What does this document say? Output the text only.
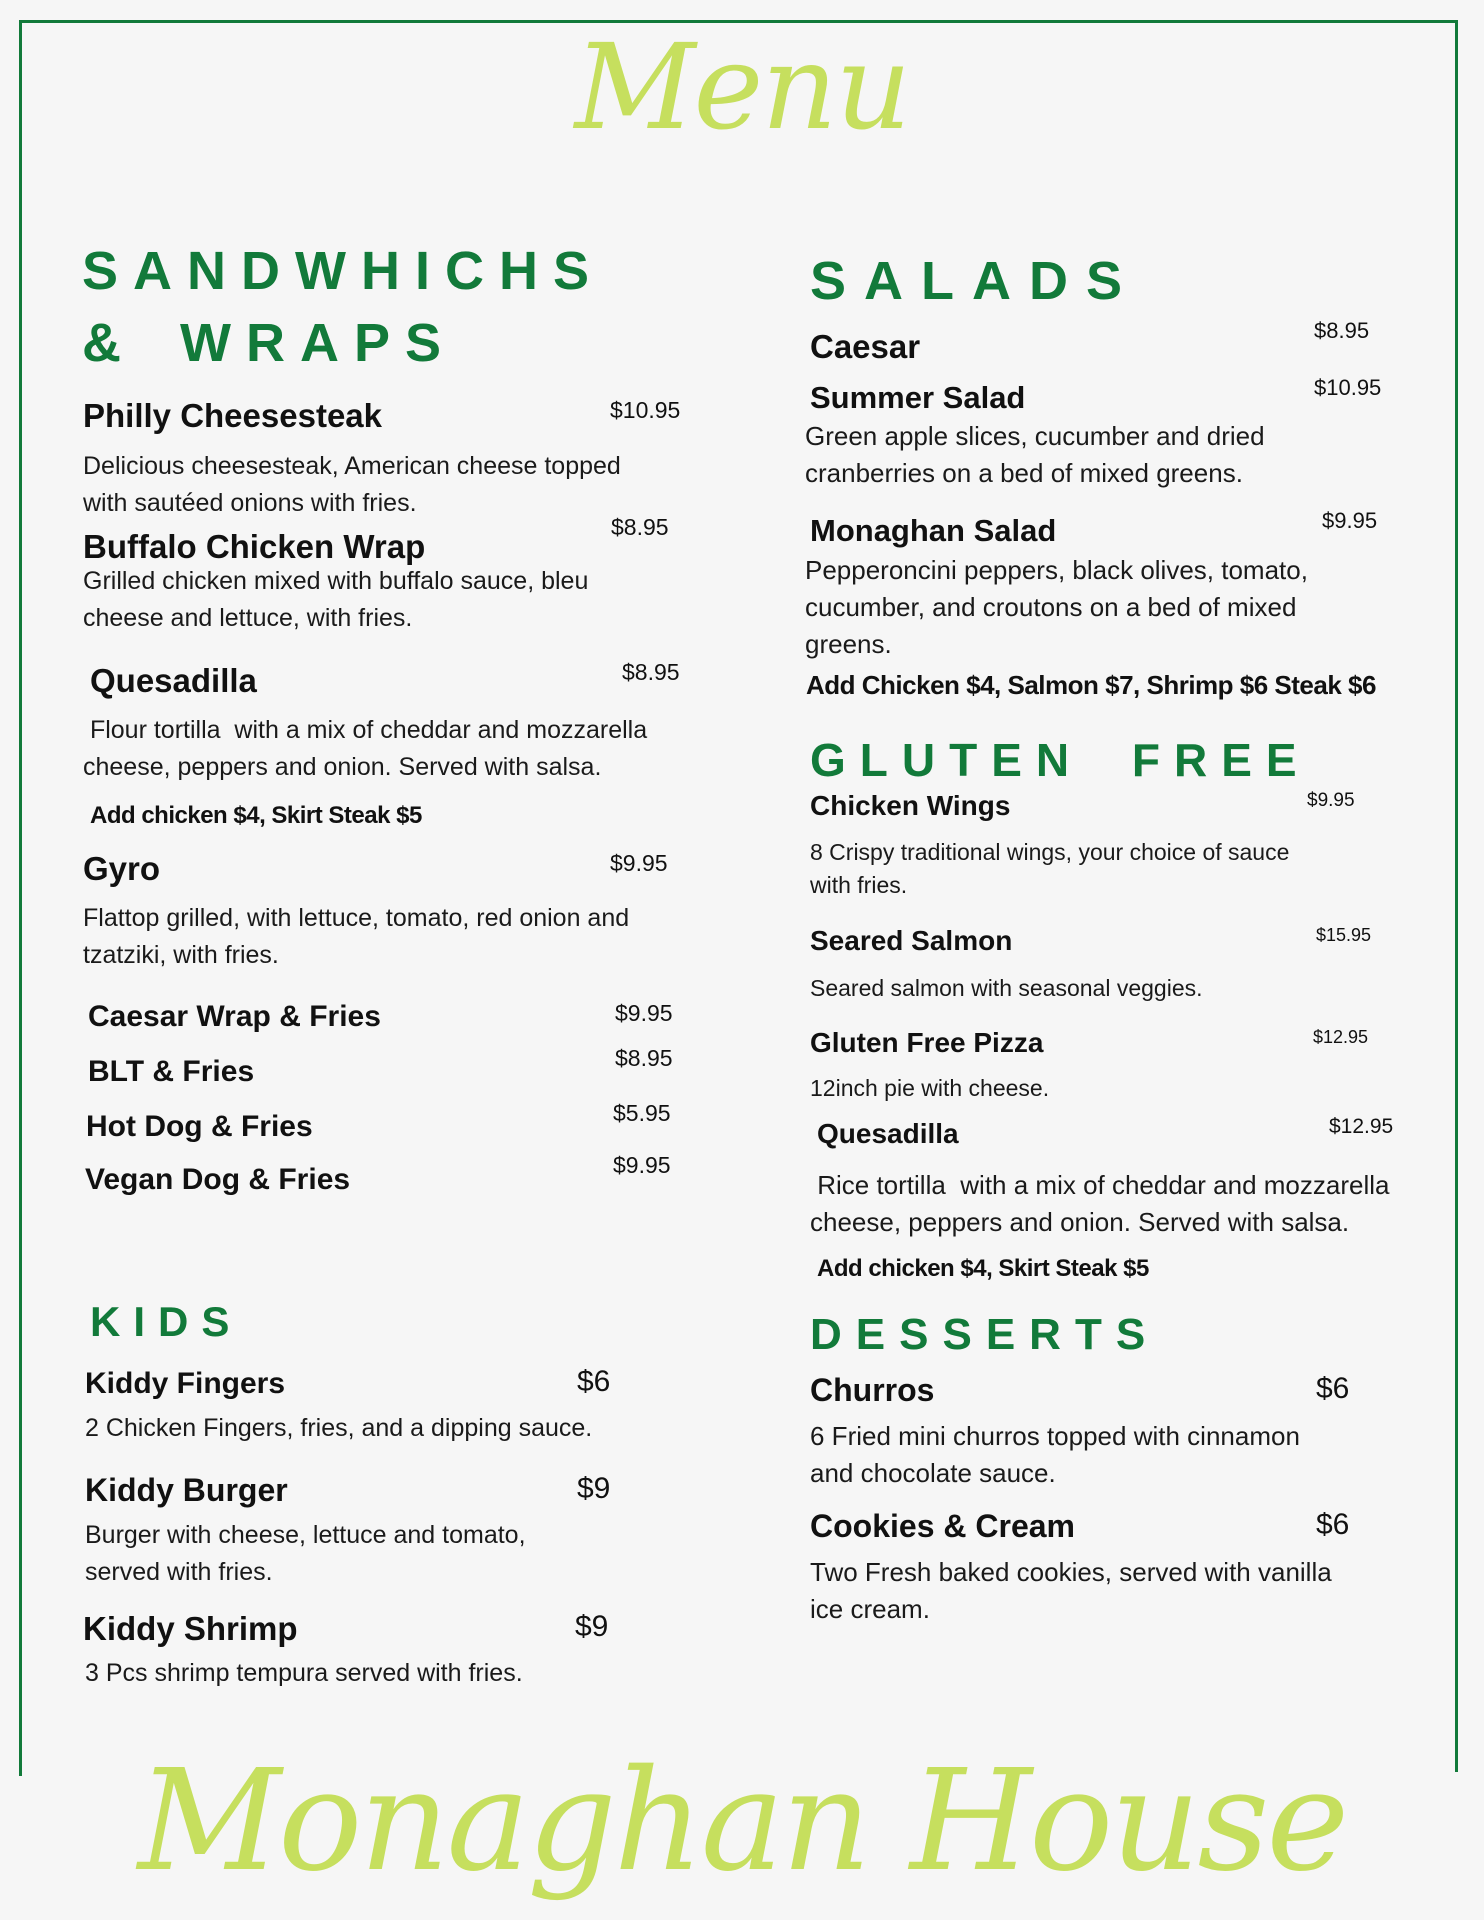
Menu
SANDWHICHS
& WRAPS
Philly Cheesesteak	$10.95
Delicious cheesesteak, American cheese topped
with sautéed onions with fries.
Buffalo Chicken Wrap
$8.95
Grilled chicken mixed with buffalo sauce, bleu
cheese and lettuce, with fries.
Quesadilla	$8.95
Flour tortilla  with a mix of cheddar and mozzarella
cheese, peppers and onion. Served with salsa.
Add chicken $4, Skirt Steak $5
Gyro	$9.95
Flattop grilled, with lettuce, tomato, red onion and
tzatziki, with fries.
Caesar Wrap & Fries	$9.95
BLT & Fries	$8.95
Hot Dog & Fries	$5.95
Vegan Dog & Fries	$9.95
KIDS
Kiddy Fingers	$6
2 Chicken Fingers, fries, and a dipping sauce.
Kiddy Burger	$9
Burger with cheese, lettuce and tomato,
served with fries.
Kiddy Shrimp	$9
3 Pcs shrimp tempura served with fries.
SALADS
Caesar	$8.95
Summer Salad	$10.95
Green apple slices, cucumber and dried
cranberries on a bed of mixed greens.
Monaghan Salad	$9.95
Pepperoncini peppers, black olives, tomato,
cucumber, and croutons on a bed of mixed
greens.
Add Chicken $4, Salmon $7, Shrimp $6 Steak $6
GLUTEN FREE
Chicken Wings	$9.95
8 Crispy traditional wings, your choice of sauce
with fries.
Seared Salmon	$15.95
Seared salmon with seasonal veggies.
Gluten Free Pizza	$12.95
12inch pie with cheese.
Quesadilla	$12.95
Rice tortilla  with a mix of cheddar and mozzarella
cheese, peppers and onion. Served with salsa.
Add chicken $4, Skirt Steak $5
DESSERTS
Churros	$6
6 Fried mini churros topped with cinnamon
and chocolate sauce.
Cookies & Cream	$6
Two Fresh baked cookies, served with vanilla
ice cream.
Monaghan House
